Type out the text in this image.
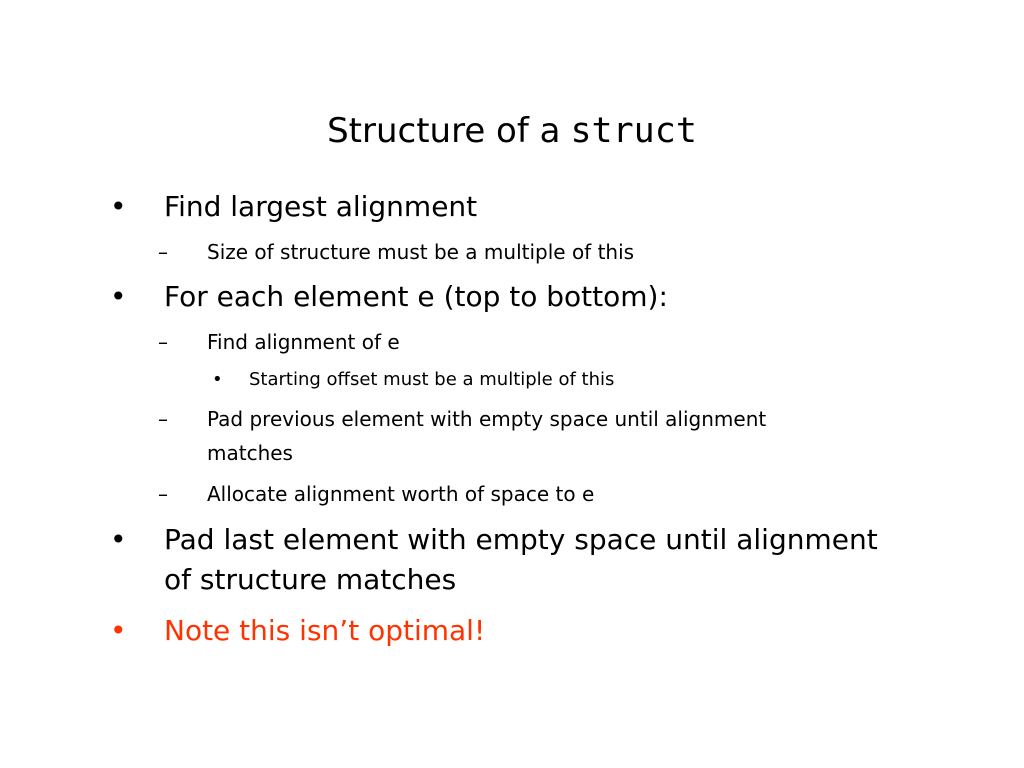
Structure of a struct
• Find largest alignment
– Size of structure must be a multiple of this
• For each element e (top to bottom):
– Find alignment of e
• Starting offset must be a multiple of this
– Pad previous element with empty space until alignment
matches
– Allocate alignment worth of space to e
• Pad last element with empty space until alignment
of structure matches
• Note this isn’t optimal!
